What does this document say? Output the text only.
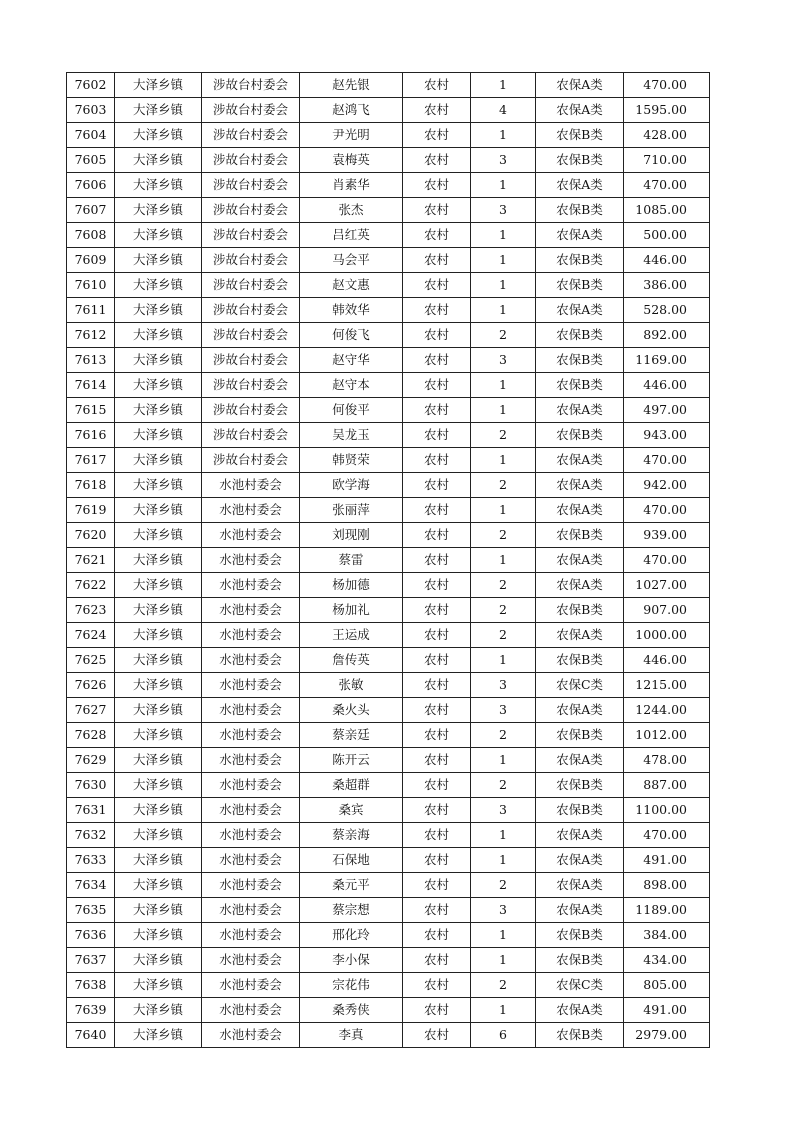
7602	大泽乡镇	涉故台村委会	赵先银	农村	1	农保A类	470.00
7603	大泽乡镇	涉故台村委会	赵鸿飞	农村	4	农保A类	1595.00
7604	大泽乡镇	涉故台村委会	尹光明	农村	1	农保B类	428.00
7605	大泽乡镇	涉故台村委会	袁梅英	农村	3	农保B类	710.00
7606	大泽乡镇	涉故台村委会	肖素华	农村	1	农保A类	470.00
7607	大泽乡镇	涉故台村委会	张杰	农村	3	农保B类	1085.00
7608	大泽乡镇	涉故台村委会	吕红英	农村	1	农保A类	500.00
7609	大泽乡镇	涉故台村委会	马会平	农村	1	农保B类	446.00
7610	大泽乡镇	涉故台村委会	赵文惠	农村	1	农保B类	386.00
7611	大泽乡镇	涉故台村委会	韩效华	农村	1	农保A类	528.00
7612	大泽乡镇	涉故台村委会	何俊飞	农村	2	农保B类	892.00
7613	大泽乡镇	涉故台村委会	赵守华	农村	3	农保B类	1169.00
7614	大泽乡镇	涉故台村委会	赵守本	农村	1	农保B类	446.00
7615	大泽乡镇	涉故台村委会	何俊平	农村	1	农保A类	497.00
7616	大泽乡镇	涉故台村委会	吴龙玉	农村	2	农保B类	943.00
7617	大泽乡镇	涉故台村委会	韩贤荣	农村	1	农保A类	470.00
7618	大泽乡镇	水池村委会	欧学海	农村	2	农保A类	942.00
7619	大泽乡镇	水池村委会	张丽萍	农村	1	农保A类	470.00
7620	大泽乡镇	水池村委会	刘现刚	农村	2	农保B类	939.00
7621	大泽乡镇	水池村委会	蔡雷	农村	1	农保A类	470.00
7622	大泽乡镇	水池村委会	杨加德	农村	2	农保A类	1027.00
7623	大泽乡镇	水池村委会	杨加礼	农村	2	农保B类	907.00
7624	大泽乡镇	水池村委会	王运成	农村	2	农保A类	1000.00
7625	大泽乡镇	水池村委会	詹传英	农村	1	农保B类	446.00
7626	大泽乡镇	水池村委会	张敏	农村	3	农保C类	1215.00
7627	大泽乡镇	水池村委会	桑火头	农村	3	农保A类	1244.00
7628	大泽乡镇	水池村委会	蔡亲廷	农村	2	农保B类	1012.00
7629	大泽乡镇	水池村委会	陈开云	农村	1	农保A类	478.00
7630	大泽乡镇	水池村委会	桑超群	农村	2	农保B类	887.00
7631	大泽乡镇	水池村委会	桑宾	农村	3	农保B类	1100.00
7632	大泽乡镇	水池村委会	蔡亲海	农村	1	农保A类	470.00
7633	大泽乡镇	水池村委会	石保地	农村	1	农保A类	491.00
7634	大泽乡镇	水池村委会	桑元平	农村	2	农保A类	898.00
7635	大泽乡镇	水池村委会	蔡宗想	农村	3	农保A类	1189.00
7636	大泽乡镇	水池村委会	邢化玲	农村	1	农保B类	384.00
7637	大泽乡镇	水池村委会	李小保	农村	1	农保B类	434.00
7638	大泽乡镇	水池村委会	宗花伟	农村	2	农保C类	805.00
7639	大泽乡镇	水池村委会	桑秀侠	农村	1	农保A类	491.00
7640	大泽乡镇	水池村委会	李真	农村	6	农保B类	2979.00
